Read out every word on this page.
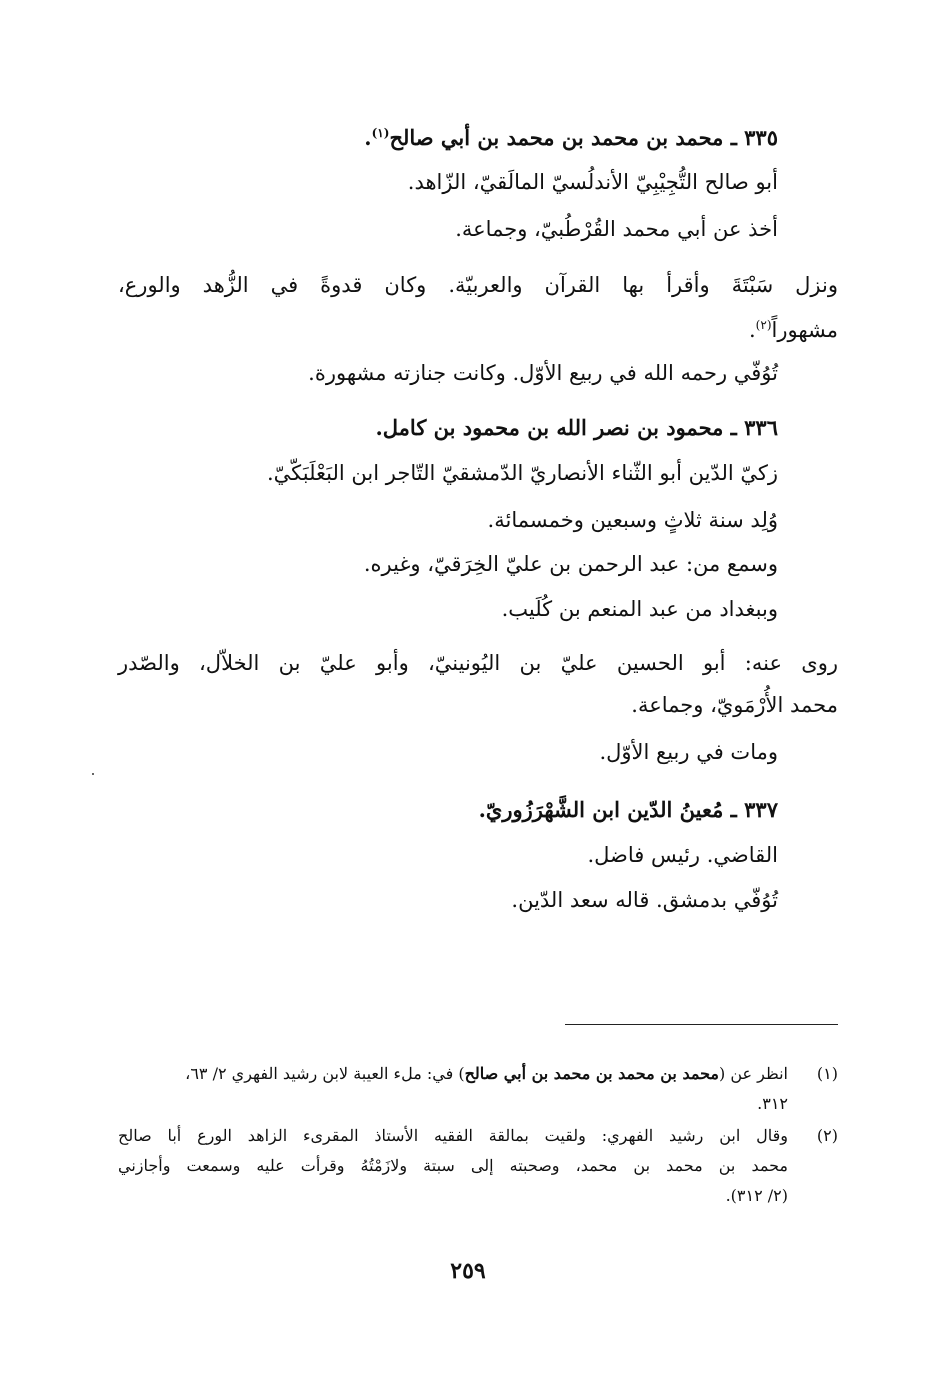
٣٣٥ ـ محمد بن محمد بن محمد بن أبي صالح$^{(١)}$.
أبو صالح التُّجِيْبِيّ الأندلُسيّ المالَقيّ، الزّاهد.
أخذ عن أبي محمد القُرْطُبيّ، وجماعة.
ونزل سَبْتَةَ وأقرأ بها القرآن والعربيّة. وكان قدوةً في الزُّهد والورع،
مشهوراً$^{(٢)}$.
تُوُفّي رحمه الله في ربيع الأوّل. وكانت جنازته مشهورة.
٣٣٦ ـ محمود بن نصر الله بن محمود بن كامل.
زكيّ الدّين أبو الثّناء الأنصاريّ الدّمشقيّ التّاجر ابن البَعْلَبَكّيّ.
وُلِد سنة ثلاثٍ وسبعين وخمسمائة.
وسمع من: عبد الرحمن بن عليّ الخِرَقيّ، وغيره.
وببغداد من عبد المنعم بن كُلَيب.
روى عنه: أبو الحسين عليّ بن اليُونينيّ، وأبو عليّ بن الخلاّل، والصّدر
محمد الأُرْمَويّ، وجماعة.
ومات في ربيع الأوّل.
٣٣٧ ـ مُعينُ الدّين ابن الشَّهْرَزُوريّ.
القاضي. رئيس فاضل.
تُوُفّي بدمشق. قاله سعد الدّين.
(١)
انظر عن (محمد بن محمد بن محمد بن أبي صالح) في: ملء العيبة لابن رشيد الفهري ٢/ ٦٣،
٣١٢.
(٢)
وقال ابن رشيد الفهري: ولقيت بمالقة الفقيه الأستاذ المقرىء الزاهد الورع أبا صالح
محمد بن محمد بن محمد، وصحبته إلى سبتة ولازَمْتُهُ وقرأت عليه وسمعت وأجازني
(٢/ ٣١٢).
٢٥٩
